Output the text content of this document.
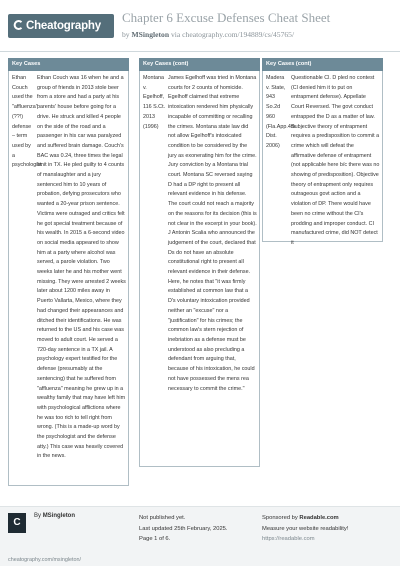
Cheatography
Chapter 6 Excuse Defenses Cheat Sheet
by MSingleton via cheatography.com/194889/cs/45765/
Key Cases
Ethan Couch used the "affluenza" (??!) defense – term used by a psychologist
Ethan Couch was 16 when he and a group of friends in 2013 stole beer from a store and had a party at his parents' house before going for a drive. He struck and killed 4 people on the side of the road and a passenger in his car was paralyzed and suffered brain damage. Couch's BAC was 0.24, three times the legal limit in TX. He pled guilty to 4 counts of manslaughter and a jury sentenced him to 10 years of probation, defying prosecutors who wanted a 20-year prison sentence. Victims were outraged and critics felt he got special treatment because of his wealth. In 2015 a 6-second video on social media appeared to show him at a party where alcohol was served, a parole violation. Two weeks later he and his mother went missing. They were arrested 2 weeks later about 1200 miles away in Puerto Vallarta, Mexico, where they had changed their appearances and ditched their identifications. He was returned to the US and his case was moved to adult court. He served a 720-day sentence in a TX jail. A psychology expert testified for the defense (presumably at the sentencing) that he suffered from "affluenza" meaning he grew up in a wealthy family that may have left him with psychological afflictions where he was too rich to tell right from wrong. (This is a made-up word by the psychologist and the defense atty.) This case was heavily covered in the news.
Key Cases (cont)
Montana v. Egelhoff, 116 S.Ct. 2013 (1996)
James Egelhoff was tried in Montana courts for 2 counts of homicide. Egelhoff claimed that extreme intoxication rendered him physically incapable of committing or recalling the crimes. Montana state law did not allow Egelhoff's intoxicated condition to be considered by the jury as exonerating him for the crime. Jury conviction by a Montana trial court. Montana SC reversed saying D had a DP right to present all relevant evidence in his defense. The court could not reach a majority on the reasons for its decision (this is not clear in the excerpt in your book). J Antonin Scalia who announced the judgement of the court, declared that Ds do not have an absolute constitutional right to present all relevant evidence in their defense. Here, he notes that "it was firmly established at common law that a D's voluntary intoxication provided neither an "excuse" nor a "justification" for his crimes; the common law's stern rejection of inebriation as a defense must be understood as also precluding a defendant from arguing that, because of his intoxication, he could not have possessed the mens rea necessary to commit the crime."
Key Cases (cont)
Madera v. State, 943 So.2d 960 (Fla.App.4th Dist. 2006)
Questionable Cl. D pled no contest (Cl denied him it to put on entrapment defense). Appellate Court Reversed. The govt conduct entrapped the D as a matter of law. Subjective theory of entrapment requires a predisposition to commit a crime which will defeat the affirmative defense of entrapment (not applicable here b/c there was no showing of predisposition). Objective theory of entrapment only requires outrageous govt action and a violation of DP. There would have been no crime without the CI's prodding and improper conduct. CI manufactured crime, did NOT detect it
C
By MSingleton
cheatography.com/msingleton/
Not published yet.
Last updated 25th February, 2025.
Page 1 of 6.
Sponsored by Readable.com
Measure your website readability!
https://readable.com
